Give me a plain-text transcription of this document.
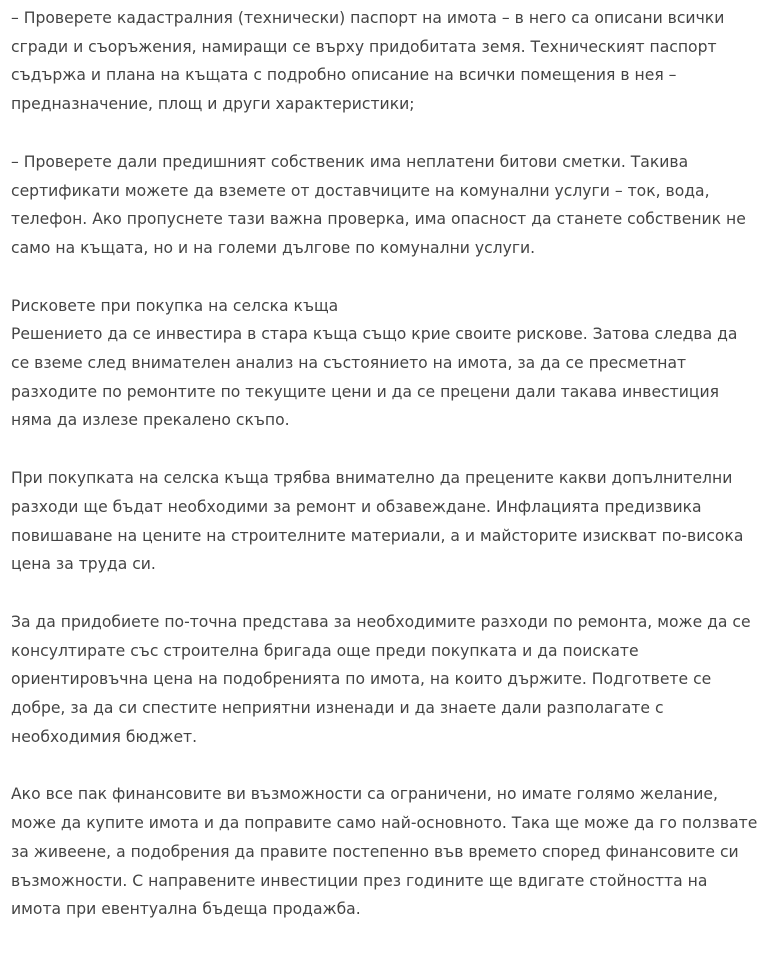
– Проверете кадастралния (технически) паспорт на имота – в него са описани всички
сгради и съоръжения, намиращи се върху придобитата земя. Техническият паспорт
съдържа и плана на къщата с подробно описание на всички помещения в нея –
предназначение, площ и други характеристики;

– Проверете дали предишният собственик има неплатени битови сметки. Такива
сертификати можете да вземете от доставчиците на комунални услуги – ток, вода,
телефон. Ако пропуснете тази важна проверка, има опасност да станете собственик не
само на къщата, но и на големи дългове по комунални услуги.

Рисковете при покупка на селска къща
Решението да се инвестира в стара къща също крие своите рискове. Затова следва да
се вземе след внимателен анализ на състоянието на имота, за да се пресметнат
разходите по ремонтите по текущите цени и да се прецени дали такава инвестиция
няма да излезе прекалено скъпо.

При покупката на селска къща трябва внимателно да прецените какви допълнителни
разходи ще бъдат необходими за ремонт и обзавеждане. Инфлацията предизвика
повишаване на цените на строителните материали, а и майсторите изискват по-висока
цена за труда си.

За да придобиете по-точна представа за необходимите разходи по ремонта, може да се
консултирате със строителна бригада още преди покупката и да поискате
ориентировъчна цена на подобренията по имота, на които държите. Подгответе се
добре, за да си спестите неприятни изненади и да знаете дали разполагате с
необходимия бюджет.

Ако все пак финансовите ви възможности са ограничени, но имате голямо желание,
може да купите имота и да поправите само най-основното. Така ще може да го ползвате
за живеене, а подобрения да правите постепенно във времето според финансовите си
възможности. С направените инвестиции през годините ще вдигате стойността на
имота при евентуална бъдеща продажба.
